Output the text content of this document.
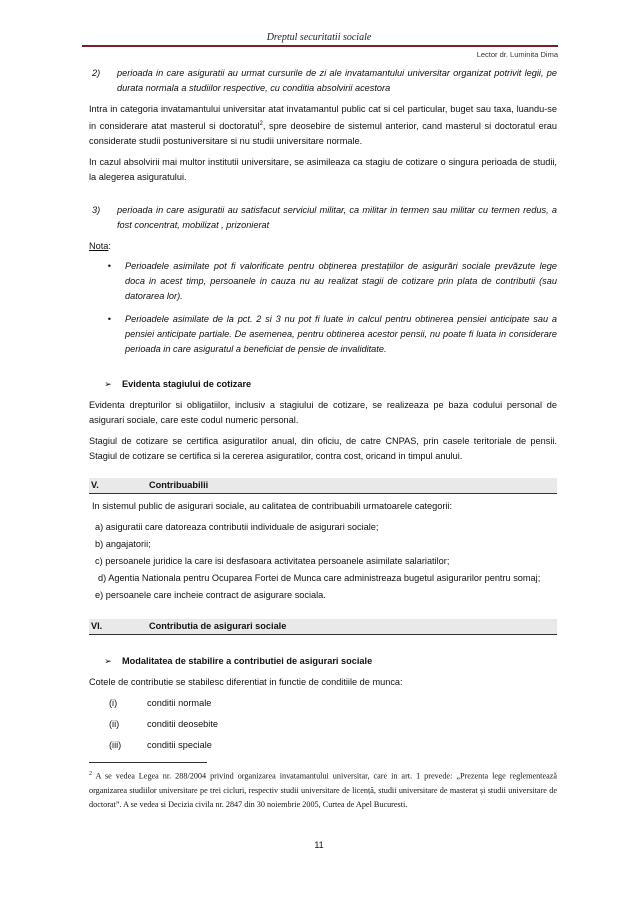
Dreptul securitatii sociale
Lector dr. Luminita Dima
2)	perioada in care asiguratii au urmat cursurile de zi ale invatamantului universitar organizat potrivit legii, pe durata normala a studiilor respective, cu conditia absolvirii acestora

Intra in categoria invatamantului universitar atat invatamantul public cat si cel particular, buget sau taxa, luandu-se in considerare atat masterul si doctoratul$^2$, spre deosebire de sistemul anterior, cand masterul si doctoratul erau considerate studii postuniversitare si nu studii universitare normale.

In cazul absolvirii mai multor institutii universitare, se asimileaza ca stagiu de cotizare o singura perioada de studii, la alegerea asiguratului.

3)	perioada in care asiguratii au satisfacut serviciul militar, ca militar in termen sau militar cu termen redus, a fost concentrat, mobilizat , prizonierat

Nota:

•	Perioadele asimilate pot fi valorificate pentru obținerea prestațiilor de asigurări sociale prevăzute lege doca in acest timp, persoanele in cauza nu au realizat stagii de cotizare prin plata de contributii (sau datorarea lor).
•	Perioadele asimilate de la pct. 2 si 3 nu pot fi luate in calcul pentru obtinerea pensiei anticipate sau a pensiei anticipate partiale. De asemenea, pentru obtinerea acestor pensii, nu poate fi luata in considerare perioada in care asiguratul a beneficiat de pensie de invaliditate.
➢	Evidenta stagiului de cotizare

Evidenta drepturilor si obligatiilor, inclusiv a stagiului de cotizare, se realizeaza pe baza codului personal de asigurari sociale, care este codul numeric personal.

Stagiul de cotizare se certifica asiguratilor anual, din oficiu, de catre CNPAS, prin casele teritoriale de pensii. Stagiul de cotizare se certifica si la cererea asiguratilor, contra cost, oricand in timpul anului.

V.	Contribuabilii

In sistemul public de asigurari sociale, au calitatea de contribuabili urmatoarele categorii:

a) asiguratii care datoreaza contributii individuale de asigurari sociale;

b) angajatorii;

c) persoanele juridice la care isi desfasoara activitatea persoanele asimilate salariatilor;

d) Agentia Nationala pentru Ocuparea Fortei de Munca care administreaza bugetul asigurarilor pentru somaj;

e) persoanele care incheie contract de asigurare sociala.

VI.	Contributia de asigurari sociale
➢	Modalitatea de stabilire a contributiei de asigurari sociale

Cotele de contributie se stabilesc diferentiat in functie de conditiile de munca:

(i)	conditii normale
(ii)	conditii deosebite
(iii)	conditii speciale
$^2$ A se vedea Legea nr. 288/2004 privind organizarea invatamantului universitar, care in art. 1 prevede: „Prezenta lege reglementează organizarea studiilor universitare pe trei cicluri, respectiv studii universitare de licență, studii universitare de masterat și studii universitare de doctorat”. A se vedea si Decizia civila nr. 2847 din 30 noiembrie 2005, Curtea de Apel Bucuresti.
11
